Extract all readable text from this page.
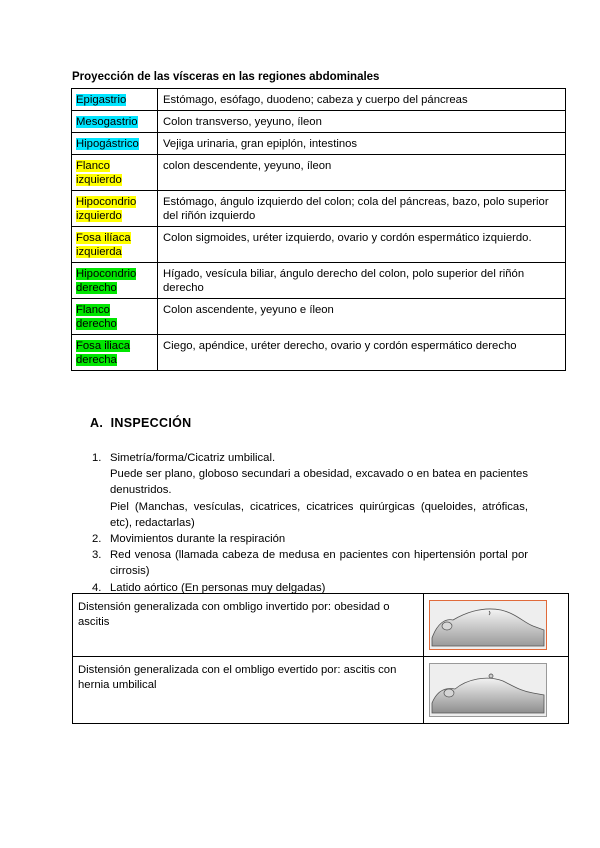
Proyección de las vísceras en las regiones abdominales
Epigastrio	Estómago, esófago, duodeno; cabeza y cuerpo del páncreas
Mesogastrio	Colon transverso, yeyuno, íleon
Hipogástrico	Vejiga urinaria, gran epiplón, intestinos
Flanco izquierdo	colon descendente, yeyuno, íleon
Hipocondrio izquierdo	Estómago, ángulo izquierdo del colon; cola del páncreas, bazo, polo superior del riñón izquierdo
Fosa ilíaca izquierda	Colon sigmoides, uréter izquierdo, ovario y cordón espermático izquierdo.
Hipocondrio derecho	Hígado, vesícula biliar, ángulo derecho del colon, polo superior del riñón derecho
Flanco derecho	Colon ascendente, yeyuno e íleon
Fosa iliaca derecha	Ciego, apéndice, uréter derecho, ovario y cordón espermático derecho
A. INSPECCIÓN
1. Simetría/forma/Cicatriz umbilical.

Puede ser plano, globoso secundari a obesidad, excavado o en batea en pacientes denustridos.

Piel (Manchas, vesículas, cicatrices, cicatrices quirúrgicas (queloides, atróficas, etc), redactarlas)

2. Movimientos durante la respiración

3. Red venosa (llamada cabeza de medusa en pacientes con hipertensión portal por cirrosis)

4. Latido aórtico (En personas muy delgadas)

Distensión generalizada con ombligo invertido por: obesidad o ascitis	

Distensión generalizada con el ombligo evertido por: ascitis con hernia umbilical	
